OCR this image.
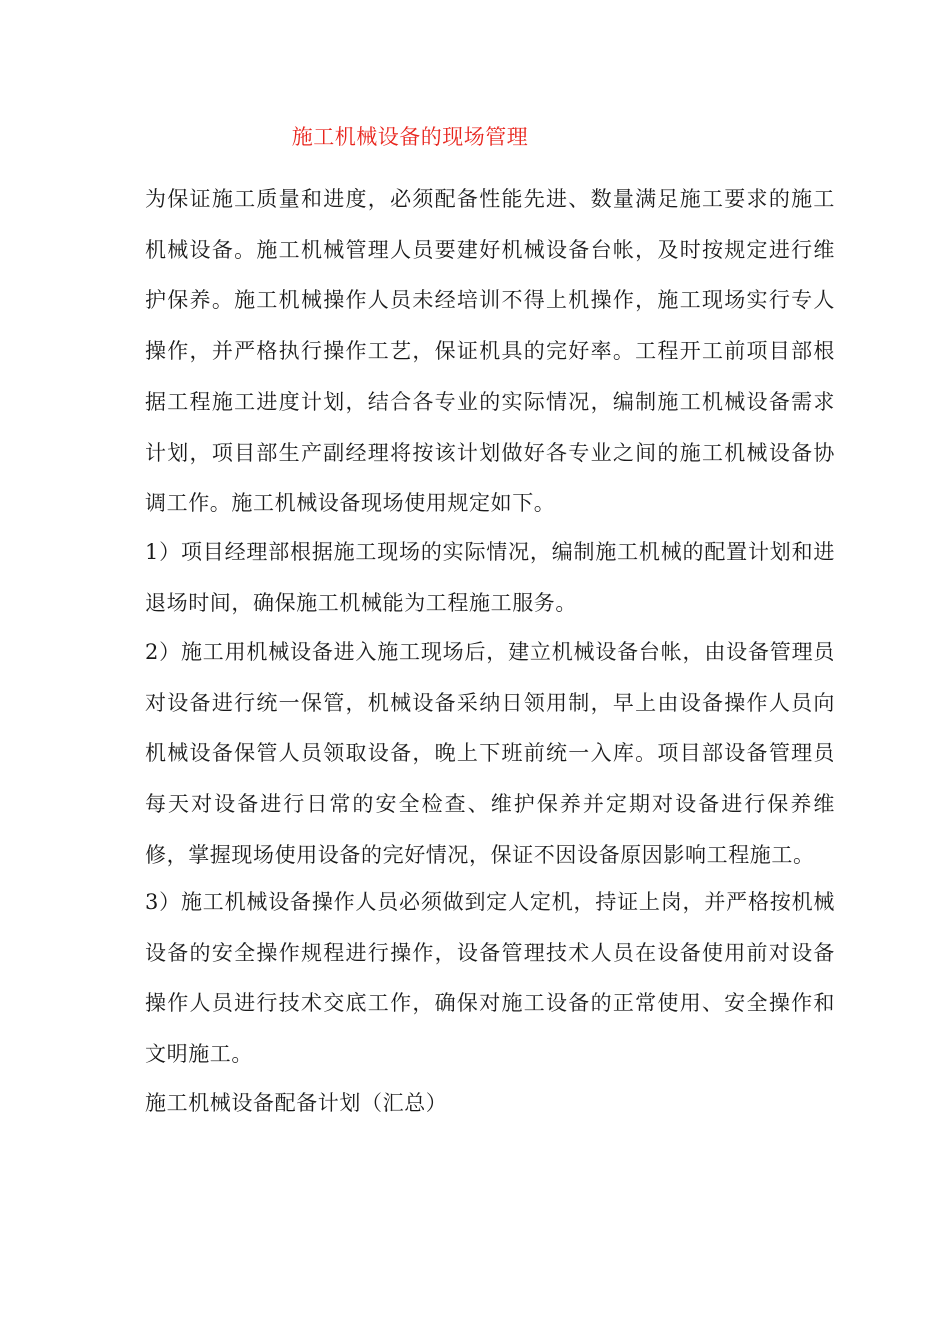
施工机械设备的现场管理

为保证施工质量和进度，必须配备性能先进、数量满足施工要求的施工机械设备。施工机械管理人员要建好机械设备台帐，及时按规定进行维护保养。施工机械操作人员未经培训不得上机操作，施工现场实行专人操作，并严格执行操作工艺，保证机具的完好率。工程开工前项目部根据工程施工进度计划，结合各专业的实际情况，编制施工机械设备需求计划，项目部生产副经理将按该计划做好各专业之间的施工机械设备协调工作。施工机械设备现场使用规定如下。

1）项目经理部根据施工现场的实际情况，编制施工机械的配置计划和进退场时间，确保施工机械能为工程施工服务。

2）施工用机械设备进入施工现场后，建立机械设备台帐，由设备管理员对设备进行统一保管，机械设备采纳日领用制，早上由设备操作人员向机械设备保管人员领取设备，晚上下班前统一入库。项目部设备管理员每天对设备进行日常的安全检查、维护保养并定期对设备进行保养维修，掌握现场使用设备的完好情况，保证不因设备原因影响工程施工。

3）施工机械设备操作人员必须做到定人定机，持证上岗，并严格按机械设备的安全操作规程进行操作，设备管理技术人员在设备使用前对设备操作人员进行技术交底工作，确保对施工设备的正常使用、安全操作和文明施工。

施工机械设备配备计划（汇总）
